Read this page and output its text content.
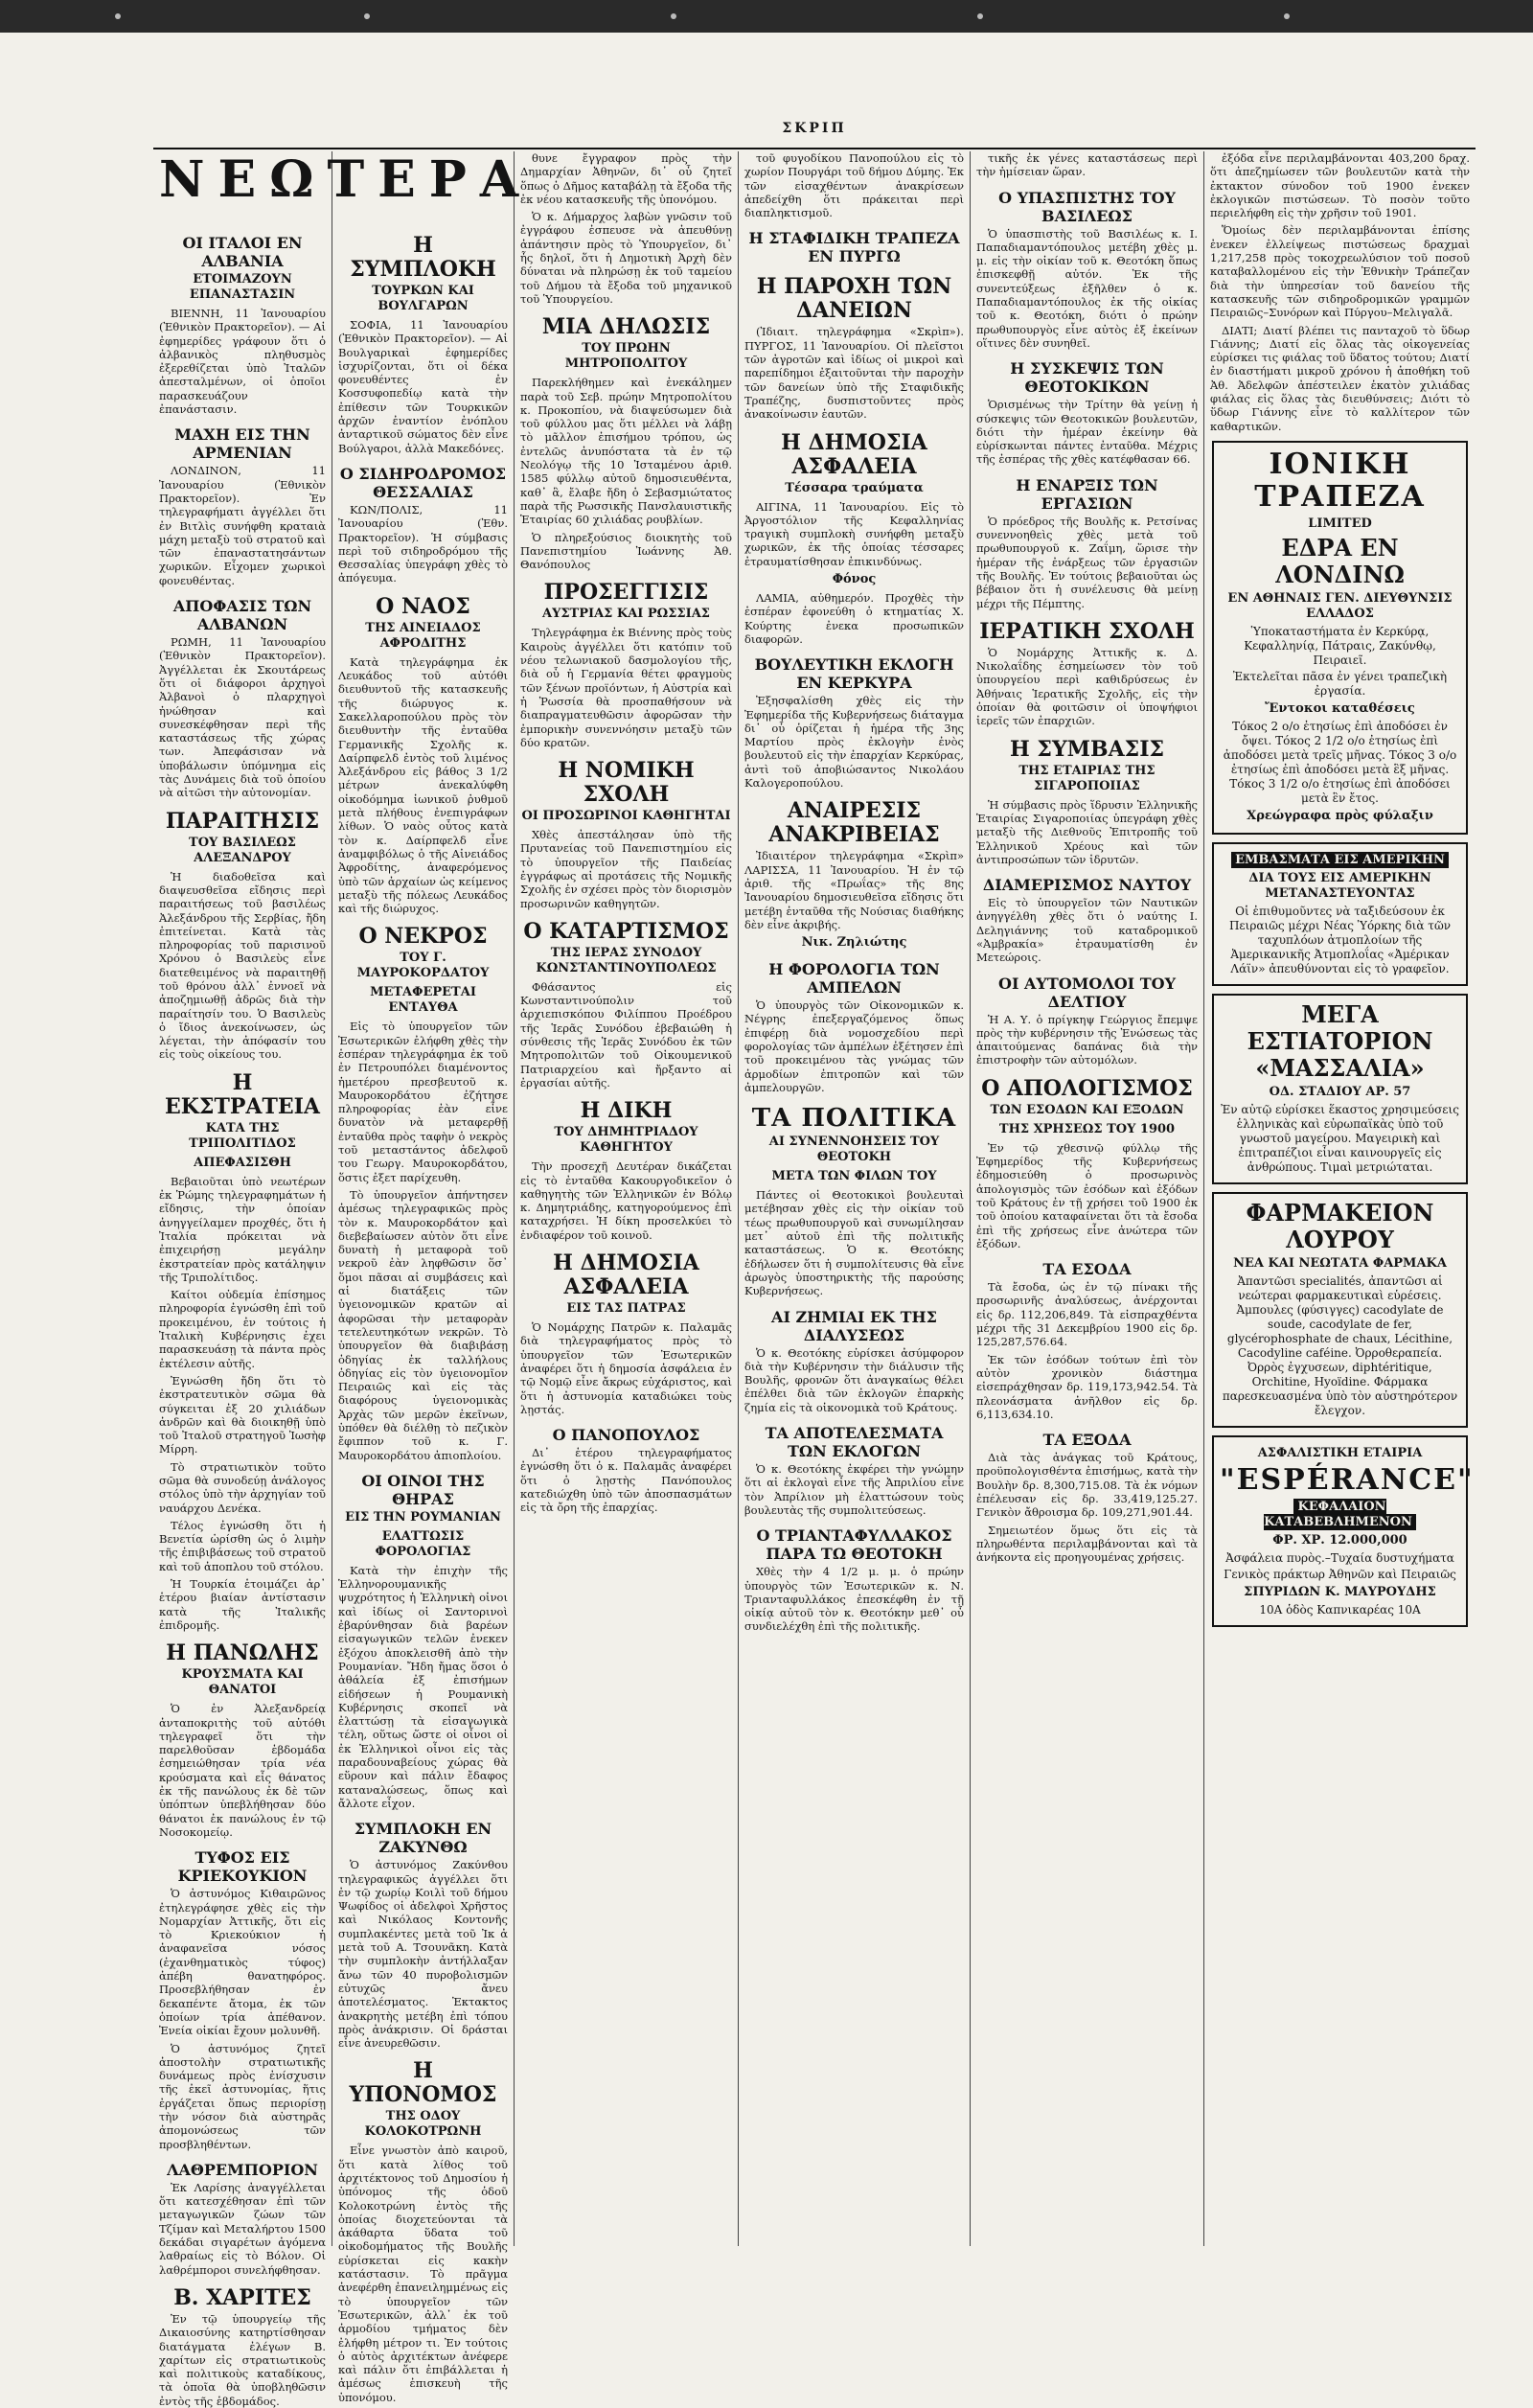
ΣΚΡΙΠ
ΝΕΩΤΕΡΑ
ΟΙ ΙΤΑΛΟΙ ΕΝ ΑΛΒΑΝΙΑ
ΕΤΟΙΜΑΖΟΥΝ ΕΠΑΝΑΣΤΑΣΙΝ

ΒΙΕΝΝΗ, 11 Ἰανουαρίου (Ἐθνικὸν Πρακτορεῖον). — Αἱ ἐφημερίδες γράφουν ὅτι ὁ ἀλβανικὸς πληθυσμὸς ἐξερεθίζεται ὑπὸ Ἰταλῶν ἀπεσταλμένων, οἱ ὁποῖοι παρασκευάζουν ἐπανάστασιν.

ΜΑΧΗ ΕΙΣ ΤΗΝ ΑΡΜΕΝΙΑΝ

ΛΟΝΔΙΝΟΝ, 11 Ἰανουαρίου (Ἐθνικὸν Πρακτορεῖον). Ἐν τηλεγραφήματι ἀγγέλλει ὅτι ἐν Βιτλὶς συνήφθη κραταιὰ μάχη μεταξὺ τοῦ στρατοῦ καὶ τῶν ἐπαναστατησάντων χωρικῶν. Εἶχομεν χωρικοὶ φονευθέντας.

ΑΠΟΦΑΣΙΣ ΤΩΝ ΑΛΒΑΝΩΝ

ΡΩΜΗ, 11 Ἰανουαρίου (Ἐθνικὸν Πρακτορεῖον). Ἀγγέλλεται ἐκ Σκουτάρεως ὅτι οἱ διάφοροι ἀρχηγοὶ Ἀλβανοὶ ὁ πλαρχηγοὶ ἠνώθησαν καὶ συνεσκέφθησαν περὶ τῆς καταστάσεως τῆς χώρας των. Ἀπεφάσισαν νὰ ὑποβάλωσιν ὑπόμνημα εἰς τὰς Δυνάμεις διὰ τοῦ ὁποίου νὰ αἰτῶσι τὴν αὐτονομίαν.

ΠΑΡΑΙΤΗΣΙΣ
ΤΟΥ ΒΑΣΙΛΕΩΣ ΑΛΕΞΑΝΔΡΟΥ

Ἡ διαδοθεῖσα καὶ διαψευσθεῖσα εἴδησις περὶ παραιτήσεως τοῦ βασιλέως Ἀλεξάνδρου τῆς Σερβίας, ἤδη ἐπιτείνεται. Κατὰ τὰς πληροφορίας τοῦ παρισινοῦ Χρόνου ὁ Βασιλεὺς εἶνε διατεθειμένος νὰ παραιτηθῇ τοῦ θρόνου ἀλλ᾽ ἐννοεῖ νὰ ἀποζημιωθῇ ἀδρῶς διὰ τὴν παραίτησίν του. Ὁ Βασιλεὺς ὁ ἴδιος ἀνεκοίνωσεν, ὡς λέγεται, τὴν ἀπόφασίν του εἰς τοὺς οἰκείους του.

Η ΕΚΣΤΡΑΤΕΙΑ
ΚΑΤΑ ΤΗΣ ΤΡΙΠΟΛΙΤΙΔΟΣ
ΑΠΕΦΑΣΙΣΘΗ

Βεβαιοῦται ὑπὸ νεωτέρων ἐκ Ῥώμης τηλεγραφημάτων ἡ εἴδησις, τὴν ὁποίαν ἀνηγγείλαμεν προχθές, ὅτι ἡ Ἰταλία πρόκειται νὰ ἐπιχειρήσῃ μεγάλην ἐκστρατείαν πρὸς κατάληψιν τῆς Τριπολίτιδος.

Καίτοι οὐδεμία ἐπίσημος πληροφορία ἐγνώσθη ἐπὶ τοῦ προκειμένου, ἐν τούτοις ἡ Ἰταλικὴ Κυβέρνησις ἐχει παρασκευάσῃ τὰ πάντα πρὸς ἐκτέλεσιν αὐτῆς.

Ἐγνώσθη ἤδη ὅτι τὸ ἐκστρατευτικὸν σῶμα θὰ σύγκειται ἐξ 20 χιλιάδων ἀνδρῶν καὶ θὰ διοικηθῇ ὑπὸ τοῦ Ἰταλοῦ στρατηγοῦ Ἰωσὴφ Μίρρη.

Τὸ στρατιωτικὸν τοῦτο σῶμα θὰ συνοδεύῃ ἀνάλογος στόλος ὑπὸ τὴν ἀρχηγίαν τοῦ ναυάρχου Δενέκα.

Τέλος ἐγνώσθη ὅτι ἡ Βενετία ὡρίσθη ὡς ὁ λιμὴν τῆς ἐπιβιβάσεως τοῦ στρατοῦ καὶ τοῦ ἀποπλου τοῦ στόλου.

Ἡ Τουρκία ἑτοιμάζει ἀρ᾽ ἑτέρου βιαίαν ἀντίστασιν κατὰ τῆς Ἰταλικῆς ἐπιδρομῆς.

Η ΠΑΝΩΛΗΣ
ΚΡΟΥΣΜΑΤΑ ΚΑΙ ΘΑΝΑΤΟΙ

Ὁ ἐν Ἀλεξανδρείᾳ ἀνταποκριτὴς τοῦ αὐτόθι τηλεγραφεῖ ὅτι τὴν παρελθοῦσαν ἑβδομάδα ἐσημειώθησαν τρία νέα κρούσματα καὶ εἷς θάνατος ἐκ τῆς πανώλους ἐκ δὲ τῶν ὑπόπτων ὑπεβλήθησαν δύο θάνατοι ἐκ πανώλους ἐν τῷ Νοσοκομείῳ.

ΤΥΦΟΣ ΕΙΣ ΚΡΙΕΚΟΥΚΙΟΝ

Ὁ ἀστυνόμος Κιθαιρῶνος ἐτηλεγράφησε χθὲς εἰς τὴν Νομαρχίαν Ἀττικῆς, ὅτι εἰς τὸ Κριεκούκιον ἡ ἀναφανεῖσα νόσος (ἐχανθηματικὸς τύφος) ἀπέβη θανατηφόρος. Προσεβλήθησαν ἐν δεκαπέντε ἄτομα, ἐκ τῶν ὁποίων τρία ἀπέθανον. Ἐνεία οἰκίαι ἔχουν μολυνθῆ.

Ὁ ἀστυνόμος ζητεῖ ἀποστολὴν στρατιωτικῆς δυνάμεως πρὸς ἐνίσχυσιν τῆς ἐκεῖ ἀστυνομίας, ἥτις ἐργάζεται ὅπως περιορίσῃ τὴν νόσον διὰ αὐστηρᾶς ἀπομονώσεως τῶν προσβληθέντων.

ΛΑΘΡΕΜΠΟΡΙΟΝ

Ἐκ Λαρίσης ἀναγγέλλεται ὅτι κατεσχέθησαν ἐπὶ τῶν μεταγωγικῶν ζώων τῶν Τζίμαν καὶ Μεταλήρτου 1500 δεκάδαι σιγαρέτων ἀγόμενα λαθραίως εἰς τὸ Βόλον. Οἱ λαθρέμποροι συνελήφθησαν.

Β. ΧΑΡΙΤΕΣ

Ἐν τῷ ὑπουργείῳ τῆς Δικαιοσύνης κατηρτίσθησαν διατάγματα ἐλέγων Β. χαρίτων εἰς στρατιωτικοὺς καὶ πολιτικοὺς καταδίκους, τὰ ὁποῖα θὰ ὑποβληθῶσιν ἐντὸς τῆς ἑβδομάδος.

Η ΣΥΜΠΛΟΚΗ
ΤΟΥΡΚΩΝ ΚΑΙ ΒΟΥΛΓΑΡΩΝ

ΣΟΦΙΑ, 11 Ἰανουαρίου (Ἐθνικὸν Πρακτορεῖον). — Αἱ Βουλγαρικαὶ ἐφημερίδες ἰσχυρίζονται, ὅτι οἱ δέκα φονευθέντες ἐν Κοσσυφοπεδίῳ κατὰ τὴν ἐπίθεσιν τῶν Τουρκικῶν ἀρχῶν ἐναντίον ἐνόπλου ἀνταρτικοῦ σώματος δὲν εἶνε Βούλγαροι, ἀλλὰ Μακεδόνες.

Ο ΣΙΔΗΡΟΔΡΟΜΟΣ ΘΕΣΣΑΛΙΑΣ

ΚΩΝ/ΠΟΛΙΣ, 11 Ἰανουαρίου (Ἐθν. Πρακτορεῖον). Ἡ σύμβασις περὶ τοῦ σιδηροδρόμου τῆς Θεσσαλίας ὑπεγράφη χθὲς τὸ ἀπόγευμα.

Ο ΝΑΟΣ
ΤΗΣ ΑΙΝΕΙΑΔΟΣ ΑΦΡΟΔΙΤΗΣ

Κατὰ τηλεγράφημα ἐκ Λευκάδος τοῦ αὐτόθι διευθυντοῦ τῆς κατασκευῆς τῆς διώρυγος κ. Σακελλαροπούλου πρὸς τὸν διευθυντὴν τῆς ἐνταῦθα Γερμανικῆς Σχολῆς κ. Δαίρπφελδ ἐντὸς τοῦ λιμένος Ἀλεξάνδρου εἰς βάθος 3 1/2 μέτρων ἀνεκαλύφθη οἰκοδόμημα ἰωνικοῦ ῥυθμοῦ μετὰ πλήθους ἐνεπιγράφων λίθων. Ὁ ναὸς οὗτος κατὰ τὸν κ. Δαίρπφελδ εἶνε ἀναμφιβόλως ὁ τῆς Αἰνειάδος Ἀφροδίτης, ἀναφερόμενος ὑπὸ τῶν ἀρχαίων ὡς κείμενος μεταξὺ τῆς πόλεως Λευκάδος καὶ τῆς διώρυχος.

Ο ΝΕΚΡΟΣ
ΤΟΥ Γ. ΜΑΥΡΟΚΟΡΔΑΤΟΥ
ΜΕΤΑΦΕΡΕΤΑΙ ΕΝΤΑΥΘΑ

Εἰς τὸ ὑπουργεῖον τῶν Ἐσωτερικῶν ἐλήφθη χθὲς τὴν ἑσπέραν τηλεγράφημα ἐκ τοῦ ἐν Πετρουπόλει διαμένοντος ἡμετέρου πρεσβευτοῦ κ. Μαυροκορδάτου ἐζήτησε πληροφορίας ἐὰν εἶνε δυνατὸν νὰ μεταφερθῇ ἐνταῦθα πρὸς ταφὴν ὁ νεκρὸς τοῦ μεταστάντος ἀδελφοῦ του Γεωργ. Μαυροκορδάτου, ὅστις ἐξετ παρίχευθη.

Τὸ ὑπουργεῖον ἀπήντησεν ἀμέσως τηλεγραφικῶς πρὸς τὸν κ. Μαυροκορδάτον καὶ διεβεβαίωσεν αὐτὸν ὅτι εἶνε δυνατὴ ἡ μεταφορὰ τοῦ νεκροῦ ἐὰν ληφθῶσιν ὅσ᾽ ὅμοι πᾶσαι αἱ συμβάσεις καὶ αἱ διατάξεις τῶν ὑγειονομικῶν κρατῶν αἱ ἀφορῶσαι τὴν μεταφορὰν τετελευτηκότων νεκρῶν. Τὸ ὑπουργεῖον θὰ διαβιβάσῃ ὁδηγίας ἐκ ταλλήλους ὁδηγίας εἰς τὸν ὑγειονομῖον Πειραιῶς καὶ εἰς τὰς διαφόρους ὑγειονομικὰς Ἀρχὰς τῶν μερῶν ἐκεῖνων, ὑπόθεν θὰ διέλθῃ τὸ πεζικὸν ἔφιππον τοῦ κ. Γ. Μαυροκορδάτου ἀπιοπλοίου.

ΟΙ ΟΙΝΟΙ ΤΗΣ ΘΗΡΑΣ
ΕΙΣ ΤΗΝ ΡΟΥΜΑΝΙΑΝ
ΕΛΑΤΤΩΣΙΣ ΦΟΡΟΛΟΓΙΑΣ

Κατὰ τὴν ἐπιχὴν τῆς Ἑλληνορουμανικῆς ψυχρότητος ἡ Ἑλληνικὴ οἰνοι καὶ ἰδίως οἱ Σαντορινοὶ ἐβαρύνθησαν διὰ βαρέων εἰσαγωγικῶν τελῶν ἐνεκεν ἐξόχου ἀποκλεισθῆ ἀπὸ τὴν Ρουμανίαν. Ἤδη ἤμας ὅσοι ὁ ἀθάλεία ἐξ ἐπισήμων εἰδήσεων ἡ Ρουμανικὴ Κυβέρνησις σκοπεῖ νὰ ἐλαττώσῃ τὰ εἰσαγωγικὰ τέλη, οὕτως ὥστε οἱ οἶνοι οἱ ἐκ Ἑλληνικοὶ οἶνοι εἰς τὰς παραδουναβείους χώρας θὰ εὕρουν καὶ πάλιν ἔδαφος καταναλώσεως, ὅπως καὶ ἄλλοτε εἶχον.

ΣΥΜΠΛΟΚΗ ΕΝ ΖΑΚΥΝΘΩ

Ὁ ἀστυνόμος Ζακύνθου τηλεγραφικῶς ἀγγέλλει ὅτι ἐν τῷ χωρίῳ Κοιλὶ τοῦ δήμου Ψωφίδος οἱ ἀδελφοὶ Χρῆστος καὶ Νικόλαος Κοντονῆς συμπλακέντες μετὰ τοῦ Ἰκ ἀ μετὰ τοῦ Α. Τσουνᾶκη. Κατὰ τὴν συμπλοκὴν ἀντήλλαξαν ἄνω τῶν 40 πυροβολισμῶν εὐτυχῶς ἄνευ ἀποτελέσματος. Ἐκτακτος ἀνακρητὴς μετέβη ἐπὶ τόπου πρὸς ἀνάκρισιν. Οἱ δράσται εἶνε ἀνευρεθῶσιν.

Η ΥΠΟΝΟΜΟΣ
ΤΗΣ ΟΔΟΥ ΚΟΛΟΚΟΤΡΩΝΗ

Εἶνε γνωστὸν ἀπὸ καιροῦ, ὅτι κατὰ λίθος τοῦ ἀρχιτέκτονος τοῦ Δημοσίου ἡ ὑπόνομος τῆς ὁδοῦ Κολοκοτρώνη ἐντὸς τῆς ὁποίας διοχετεύονται τὰ ἀκάθαρτα ὕδατα τοῦ οἰκοδομήματος τῆς Βουλῆς εὑρίσκεται εἰς κακὴν κατάστασιν. Τὸ πρᾶγμα ἀνεφέρθη ἐπανειλημμένως εἰς τὸ ὑπουργεῖον τῶν Ἐσωτερικῶν, ἀλλ᾽ ἐκ τοῦ ἀρμοδίου τμήματος δὲν ἐλήφθη μέτρον τι. Ἐν τούτοις ὁ αὐτὸς ἀρχιτέκτων ἀνέφερε καὶ πάλιν ὅτι ἐπιβάλλεται ἡ ἀμέσως ἐπισκευὴ τῆς ὑπονόμου.

θυνε ἔγγραφον πρὸς τὴν Δημαρχίαν Ἀθηνῶν, δι᾽ οὗ ζητεῖ ὅπως ὁ Δῆμος καταβάλῃ τὰ ἔξοδα τῆς ἐκ νέου κατασκευῆς τῆς ὑπονόμου.

Ὁ κ. Δήμαρχος λαβὼν γνῶσιν τοῦ ἐγγράφου ἐσπευσε νὰ ἀπευθύνῃ ἀπάντησιν πρὸς τὸ Ὑπουργεῖον, δι᾽ ἧς δηλοῖ, ὅτι ἡ Δημοτικὴ Ἀρχὴ δὲν δύναται νὰ πληρώσῃ ἐκ τοῦ ταμείου τοῦ Δήμου τὰ ἔξοδα τοῦ μηχανικοῦ τοῦ Ὑπουργείου.

ΜΙΑ ΔΗΛΩΣΙΣ
ΤΟΥ ΠΡΩΗΝ ΜΗΤΡΟΠΟΛΙΤΟΥ

Παρεκλήθημεν καὶ ἐνεκάλημεν παρὰ τοῦ Σεβ. πρώην Μητροπολίτου κ. Προκοπίου, νὰ διαψεύσωμεν διὰ τοῦ φύλλου μας ὅτι μέλλει νὰ λάβῃ τὸ μᾶλλον ἐπισήμου τρόπου, ὡς ἐντελῶς ἀνυπόστατα τὰ ἐν τῷ Νεολόγῳ τῆς 10 Ἰσταμένου ἀριθ. 1585 φύλλῳ αὐτοῦ δημοσιευθέντα, καθ᾽ ἃ, ἔλαβε ἤδη ὁ Σεβασμιώτατος παρὰ τῆς Ρωσσικῆς Πανσλαυιστικῆς Ἑταιρίας 60 χιλιάδας ρουβλίων.

Ὁ πληρεξούσιος διοικητὴς τοῦ Πανεπιστημίου Ἰωάννης Ἀθ. Θανόπουλος

ΠΡΟΣΕΓΓΙΣΙΣ
ΑΥΣΤΡΙΑΣ ΚΑΙ ΡΩΣΣΙΑΣ

Τηλεγράφημα ἐκ Βιέννης πρὸς τοὺς Καιροὺς ἀγγέλλει ὅτι κατόπιν τοῦ νέου τελωνιακοῦ δασμολογίου τῆς, διὰ οὗ ἡ Γερμανία θέτει φραγμοὺς τῶν ξένων προϊόντων, ἡ Αὐστρία καὶ ἡ Ῥωσσία θὰ προσπαθήσουν νὰ διαπραγματευθῶσιν ἀφορῶσαν τὴν ἐμπορικὴν συνεννόησιν μεταξὺ τῶν δύο κρατῶν.

Η ΝΟΜΙΚΗ ΣΧΟΛΗ
ΟΙ ΠΡΟΣΩΡΙΝΟΙ ΚΑΘΗΓΗΤΑΙ

Χθὲς ἀπεστάλησαν ὑπὸ τῆς Πρυτανείας τοῦ Πανεπιστημίου εἰς τὸ ὑπουργεῖον τῆς Παιδείας ἐγγράφως αἱ προτάσεις τῆς Νομικῆς Σχολῆς ἐν σχέσει πρὸς τὸν διορισμὸν προσωρινῶν καθηγητῶν.

Ο ΚΑΤΑΡΤΙΣΜΟΣ
ΤΗΣ ΙΕΡΑΣ ΣΥΝΟΔΟΥ ΚΩΝΣΤΑΝΤΙΝΟΥΠΟΛΕΩΣ

Φθάσαντος εἰς Κωνσταντινούπολιν τοῦ ἀρχιεπισκόπου Φιλίππου Προέδρου τῆς Ἱερᾶς Συνόδου ἐβεβαιώθη ἡ σύνθεσις τῆς Ἱερᾶς Συνόδου ἐκ τῶν Μητροπολιτῶν τοῦ Οἰκουμενικοῦ Πατριαρχείου καὶ ἤρξαντο αἱ ἐργασίαι αὐτῆς.

Η ΔΙΚΗ
ΤΟΥ ΔΗΜΗΤΡΙΑΔΟΥ ΚΑΘΗΓΗΤΟΥ

Τὴν προσεχῆ Δευτέραν δικάζεται εἰς τὸ ἐνταῦθα Κακουργοδικεῖον ὁ καθηγητὴς τῶν Ἑλληνικῶν ἐν Βόλῳ κ. Δημητριάδης, κατηγορούμενος ἐπὶ καταχρήσει. Ἡ δίκη προσελκύει τὸ ἐνδιαφέρον τοῦ κοινοῦ.

Η ΔΗΜΟΣΙΑ ΑΣΦΑΛΕΙΑ
ΕΙΣ ΤΑΣ ΠΑΤΡΑΣ

Ὁ Νομάρχης Πατρῶν κ. Παλαμᾶς διὰ τηλεγραφήματος πρὸς τὸ ὑπουργεῖον τῶν Ἐσωτερικῶν ἀναφέρει ὅτι ἡ δημοσία ἀσφάλεια ἐν τῷ Νομῷ εἶνε ἄκρως εὐχάριστος, καὶ ὅτι ἡ ἀστυνομία καταδιώκει τοὺς λῃστάς.

Ο ΠΑΝΟΠΟΥΛΟΣ

Δι᾽ ἑτέρου τηλεγραφήματος ἐγνώσθη ὅτι ὁ κ. Παλαμᾶς ἀναφέρει ὅτι ὁ λῃστὴς Πανόπουλος κατεδιώχθη ὑπὸ τῶν ἀποσπασμάτων εἰς τὰ ὄρη τῆς ἐπαρχίας.

τοῦ φυγοδίκου Πανοπούλου εἰς τὸ χωρίον Πουργάρι τοῦ δήμου Δύμης. Ἐκ τῶν εἰσαχθέντων ἀνακρίσεων ἀπεδείχθη ὅτι πράκειται περὶ διαπληκτισμοῦ.

Η ΣΤΑΦΙΔΙΚΗ ΤΡΑΠΕΖΑ ΕΝ ΠΥΡΓΩ
Η ΠΑΡΟΧΗ ΤΩΝ ΔΑΝΕΙΩΝ

(Ἰδιαιτ. τηλεγράφημα «Σκρὶπ»). ΠΥΡΓΟΣ, 11 Ἰανουαρίου. Οἱ πλεῖστοι τῶν ἀγροτῶν καὶ ἰδίως οἱ μικροὶ καὶ παρεπίδημοι ἐξαιτοῦνται τὴν παροχὴν τῶν δανείων ὑπὸ τῆς Σταφιδικῆς Τραπέζης, δυσπιστοῦντες πρὸς ἀνακοίνωσιν ἑαυτῶν.

Η ΔΗΜΟΣΙΑ ΑΣΦΑΛΕΙΑ
Τέσσαρα τραύματα

ΑΙΓΙΝΑ, 11 Ἰανουαρίου. Εἰς τὸ Ἀργοστόλιον τῆς Κεφαλληνίας τραγικὴ συμπλοκὴ συνήφθη μεταξὺ χωρικῶν, ἐκ τῆς ὁποίας τέσσαρες ἐτραυματίσθησαν ἐπικινδύνως.

Φόνος

ΛΑΜΙΑ, αὐθημερόν. Προχθὲς τὴν ἑσπέραν ἐφονεύθη ὁ κτηματίας Χ. Κούρτης ἐνεκα προσωπικῶν διαφορῶν.

ΒΟΥΛΕΥΤΙΚΗ ΕΚΛΟΓΗ ΕΝ ΚΕΡΚΥΡΑ

Ἐξησφαλίσθη χθὲς εἰς τὴν Ἐφημερίδα τῆς Κυβερνήσεως διάταγμα δι᾽ οὗ ὁρίζεται ἡ ἡμέρα τῆς 3ης Μαρτίου πρὸς ἐκλογὴν ἐνὸς βουλευτοῦ εἰς τὴν ἐπαρχίαν Κερκύρας, ἀντὶ τοῦ ἀποβιώσαντος Νικολάου Καλογεροπούλου.

ΑΝΑΙΡΕΣΙΣ ΑΝΑΚΡΙΒΕΙΑΣ

Ἰδιαιτέρον τηλεγράφημα «Σκρὶπ» ΛΑΡΙΣΣΑ, 11 Ἰανουαρίου. Ἡ ἐν τῷ ἀριθ. τῆς «Πρωΐας» τῆς 8ης Ἰανουαρίου δημοσιευθεῖσα εἴδησις ὅτι μετέβη ἐνταῦθα τῆς Νούσιας διαθήκης δὲν εἶνε ἀκριβής.

Νικ. Ζηλιώτης
Η ΦΟΡΟΛΟΓΙΑ ΤΩΝ ΑΜΠΕΛΩΝ

Ὁ ὑπουργὸς τῶν Οἰκονομικῶν κ. Νέγρης ἐπεξεργαζόμενος ὅπως ἐπιφέρῃ διὰ νομοσχεδίου περὶ φορολογίας τῶν ἀμπέλων ἐξέτησεν ἐπὶ τοῦ προκειμένου τὰς γνώμας τῶν ἀρμοδίων ἐπιτροπῶν καὶ τῶν ἀμπελουργῶν.

ΤΑ ΠΟΛΙΤΙΚΑ
ΑΙ ΣΥΝΕΝΝΟΗΣΕΙΣ ΤΟΥ ΘΕΟΤΟΚΗ
ΜΕΤΑ ΤΩΝ ΦΙΛΩΝ ΤΟΥ

Πάντες οἱ Θεοτοκικοὶ βουλευταὶ μετέβησαν χθὲς εἰς τὴν οἰκίαν τοῦ τέως πρωθυπουργοῦ καὶ συνωμίλησαν μετ᾽ αὐτοῦ ἐπὶ τῆς πολιτικῆς καταστάσεως. Ὁ κ. Θεοτόκης ἐδήλωσεν ὅτι ἡ συμπολίτευσις θὰ εἶνε ἀρωγὸς ὑποστηρικτὴς τῆς παρούσης Κυβερνήσεως.

ΑΙ ΖΗΜΙΑΙ ΕΚ ΤΗΣ ΔΙΑΛΥΣΕΩΣ

Ὁ κ. Θεοτόκης εὑρίσκει ἀσύμφορον διὰ τὴν Κυβέρνησιν τὴν διάλυσιν τῆς Βουλῆς, φρονῶν ὅτι ἀναγκαίως θέλει ἐπέλθει διὰ τῶν ἐκλογῶν ἐπαρκὴς ζημία εἰς τὰ οἰκονομικὰ τοῦ Κράτους.

ΤΑ ΑΠΟΤΕΛΕΣΜΑΤΑ ΤΩΝ ΕΚΛΟΓΩΝ

Ὁ κ. Θεοτόκης ἐκφέρει τὴν γνώμην ὅτι αἱ ἐκλογαὶ εἶνε τῆς Ἀπριλίου εἶνε τὸν Ἀπρίλιον μὴ ἐλαττώσουν τοὺς βουλευτὰς τῆς συμπολιτεύσεως.

Ο ΤΡΙΑΝΤΑΦΥΛΛΑΚΟΣ ΠΑΡΑ ΤΩ ΘΕΟΤΟΚΗ

Χθὲς τὴν 4 1/2 μ. μ. ὁ πρώην ὑπουργὸς τῶν Ἐσωτερικῶν κ. Ν. Τριανταφυλλάκος ἐπεσκέφθη ἐν τῇ οἰκίᾳ αὐτοῦ τὸν κ. Θεοτόκην μεθ᾽ οὗ συνδιελέχθη ἐπὶ τῆς πολιτικῆς.

τικῆς ἐκ γένες καταστάσεως περὶ τὴν ἡμίσειαν ὥραν.

Ο ΥΠΑΣΠΙΣΤΗΣ ΤΟΥ ΒΑΣΙΛΕΩΣ

Ὁ ὑπασπιστὴς τοῦ Βασιλέως κ. Ι. Παπαδιαμαντόπουλος μετέβη χθὲς μ. μ. εἰς τὴν οἰκίαν τοῦ κ. Θεοτόκη ὅπως ἐπισκεφθῇ αὐτόν. Ἐκ τῆς συνεντεύξεως ἐξῆλθεν ὁ κ. Παπαδιαμαντόπουλος ἐκ τῆς οἰκίας τοῦ κ. Θεοτόκη, διότι ὁ πρώην πρωθυπουργὸς εἶνε αὐτὸς ἐξ ἐκείνων οἵτινες δὲν συνηθεῖ.

Η ΣΥΣΚΕΨΙΣ ΤΩΝ ΘΕΟΤΟΚΙΚΩΝ

Ὁρισμένως τὴν Τρίτην θὰ γείνῃ ἡ σύσκεψις τῶν Θεοτοκικῶν βουλευτῶν, διότι τὴν ἡμέραν ἐκείνην θὰ εὑρίσκωνται πάντες ἐνταῦθα. Μέχρις τῆς ἐσπέρας τῆς χθὲς κατέφθασαν 66.

Η ΕΝΑΡΞΙΣ ΤΩΝ ΕΡΓΑΣΙΩΝ

Ὁ πρόεδρος τῆς Βουλῆς κ. Ρετσίνας συνεννοηθεὶς χθὲς μετὰ τοῦ πρωθυπουργοῦ κ. Ζαΐμη, ὥρισε τὴν ἡμέραν τῆς ἐνάρξεως τῶν ἐργασιῶν τῆς Βουλῆς. Ἐν τούτοις βεβαιοῦται ὡς βέβαιον ὅτι ἡ συνέλευσις θὰ μείνῃ μέχρι τῆς Πέμπτης.

ΙΕΡΑΤΙΚΗ ΣΧΟΛΗ

Ὁ Νομάρχης Ἀττικῆς κ. Δ. Νικολαΐδης ἐσημείωσεν τὸν τοῦ ὑπουργείου περὶ καθιδρύσεως ἐν Ἀθήναις Ἱερατικῆς Σχολῆς, εἰς τὴν ὁποίαν θὰ φοιτῶσιν οἱ ὑποψήφιοι ἱερεῖς τῶν ἐπαρχιῶν.

Η ΣΥΜΒΑΣΙΣ
ΤΗΣ ΕΤΑΙΡΙΑΣ ΤΗΣ ΣΙΓΑΡΟΠΟΙΙΑΣ

Ἡ σύμβασις πρὸς ἵδρυσιν Ἑλληνικῆς Ἑταιρίας Σιγαροποιίας ὑπεγράφη χθὲς μεταξὺ τῆς Διεθνοῦς Ἐπιτροπῆς τοῦ Ἑλληνικοῦ Χρέους καὶ τῶν ἀντιπροσώπων τῶν ἱδρυτῶν.

ΔΙΑΜΕΡΙΣΜΟΣ ΝΑΥΤΟΥ

Εἰς τὸ ὑπουργεῖον τῶν Ναυτικῶν ἀνηγγέλθη χθὲς ὅτι ὁ ναύτης Ι. Δεληγιάννης τοῦ καταδρομικοῦ «Ἀμβρακία» ἐτραυματίσθη ἐν Μετεώροις.

ΟΙ ΑΥΤΟΜΟΛΟΙ ΤΟΥ ΔΕΛΤΙΟΥ

Ἡ Α. Υ. ὁ πρίγκηψ Γεώργιος ἔπεμψε πρὸς τὴν κυβέρνησιν τῆς Ἑνώσεως τὰς ἀπαιτούμενας δαπάνας διὰ τὴν ἐπιστροφὴν τῶν αὐτομόλων.

Ο ΑΠΟΛΟΓΙΣΜΟΣ
ΤΩΝ ΕΣΟΔΩΝ ΚΑΙ ΕΞΟΔΩΝ
ΤΗΣ ΧΡΗΣΕΩΣ ΤΟΥ 1900

Ἐν τῷ χθεσινῷ φύλλῳ τῆς Ἐφημερίδος τῆς Κυβερνήσεως ἐδημοσιεύθη ὁ προσωρινὸς ἀπολογισμὸς τῶν ἐσόδων καὶ ἐξόδων τοῦ Κράτους ἐν τῇ χρήσει τοῦ 1900 ἐκ τοῦ ὁποίου καταφαίνεται ὅτι τὰ ἔσοδα ἐπὶ τῆς χρήσεως εἶνε ἀνώτερα τῶν ἐξόδων.

ΤΑ ΕΣΟΔΑ

Τὰ ἔσοδα, ὡς ἐν τῷ πίνακι τῆς προσωρινῆς ἀναλύσεως, ἀνέρχονται εἰς δρ. 112,206,849. Τὰ εἰσπραχθέντα μέχρι τῆς 31 Δεκεμβρίου 1900 εἰς δρ. 125,287,576.64.

Ἐκ τῶν ἐσόδων τούτων ἐπὶ τὸν αὐτὸν χρονικὸν διάστημα εἰσεπράχθησαν δρ. 119,173,942.54. Τὰ πλεονάσματα ἀνῆλθον εἰς δρ. 6,113,634.10.

ΤΑ ΕΞΟΔΑ

Διὰ τὰς ἀνάγκας τοῦ Κράτους, προϋπολογισθέντα ἐπισήμως, κατὰ τὴν Βουλὴν δρ. 8,300,715.08. Τὰ ἐκ νόμων ἐπέλευσαν εἰς δρ. 33,419,125.27. Γενικὸν ἄθροισμα δρ. 109,271,901.44.

Σημειωτέον ὅμως ὅτι εἰς τὰ πληρωθέντα περιλαμβάνονται καὶ τὰ ἀνήκοντα εἰς προηγουμένας χρήσεις.

ἐξόδα εἶνε περιλαμβάνονται 403,200 δραχ. ὅτι ἀπεζημίωσεν τῶν βουλευτῶν κατὰ τὴν ἐκτακτον σύνοδον τοῦ 1900 ἐνεκεν ἐκλογικῶν πιστώσεων. Τὸ ποσὸν τοῦτο περιελήφθη εἰς τὴν χρῆσιν τοῦ 1901.

Ὅμοίως δὲν περιλαμβάνονται ἐπίσης ἐνεκεν ἐλλείψεως πιστώσεως δραχμαὶ 1,217,258 πρὸς τοκοχρεωλύσιον τοῦ ποσοῦ καταβαλλομένου εἰς τὴν Ἐθνικὴν Τράπεζαν διὰ τὴν ὑπηρεσίαν τοῦ δανείου τῆς κατασκευῆς τῶν σιδηροδρομικῶν γραμμῶν Πειραιῶς–Συνόρων καὶ Πύργου–Μελιγαλᾶ.

ΔΙΑΤΙ; Διατί βλέπει τις πανταχοῦ τὸ ὕδωρ Γιάννης; Διατί εἰς ὅλας τὰς οἰκογενείας εὑρίσκει τις φιάλας τοῦ ὕδατος τούτου; Διατί ἐν διαστήματι μικροῦ χρόνου ἡ ἀποθήκη τοῦ Ἀθ. Ἀδελφῶν ἀπέστειλεν ἑκατὸν χιλιάδας φιάλας εἰς ὅλας τὰς διευθύνσεις; Διότι τὸ ὕδωρ Γιάννης εἶνε τὸ καλλίτερον τῶν καθαρτικῶν.

ΙΟΝΙΚΗ ΤΡΑΠΕΖΑ
LIMITED
ΕΔΡΑ ΕΝ ΛΟΝΔΙΝΩ
ΕΝ ΑΘΗΝΑΙΣ ΓΕΝ. ΔΙΕΥΘΥΝΣΙΣ ΕΛΛΑΔΟΣ
Ὑποκαταστήματα ἐν Κερκύρᾳ, Κεφαλληνίᾳ, Πάτραις, Ζακύνθῳ, Πειραιεῖ.
Ἐκτελεῖται πᾶσα ἐν γένει τραπεζικὴ ἐργασία.
Ἔντοκοι καταθέσεις
Τόκος 2 ο/ο ἐτησίως ἐπὶ ἀποδόσει ἐν ὄψει. Τόκος 2 1/2 ο/ο ἐτησίως ἐπὶ ἀποδόσει μετὰ τρεῖς μῆνας. Τόκος 3 ο/ο ἐτησίως ἐπὶ ἀποδόσει μετὰ ἓξ μῆνας. Τόκος 3 1/2 ο/ο ἐτησίως ἐπὶ ἀποδόσει μετὰ ἓν ἔτος.
Χρεώγραφα πρὸς φύλαξιν
ΕΜΒΑΣΜΑΤΑ ΕΙΣ ΑΜΕΡΙΚΗΝ
ΔΙΑ ΤΟΥΣ ΕΙΣ ΑΜΕΡΙΚΗΝ ΜΕΤΑΝΑΣΤΕΥΟΝΤΑΣ
Οἱ ἐπιθυμοῦντες νὰ ταξιδεύσουν ἐκ Πειραιῶς μέχρι Νέας Ὑόρκης διὰ τῶν ταχυπλόων ἀτμοπλοίων τῆς Ἀμερικανικῆς Ἀτμοπλοΐας «Ἀμέρικαν Λάϊν» ἀπευθύνονται εἰς τὸ γραφεῖον.
ΜΕΓΑ ΕΣΤΙΑΤΟΡΙΟΝ
«ΜΑΣΣΑΛΙΑ»
ΟΔ. ΣΤΑΔΙΟΥ ΑΡ. 57
Ἐν αὐτῷ εὑρίσκει ἕκαστος χρησιμεύσεις ἑλληνικὰς καὶ εὐρωπαϊκὰς ὑπὸ τοῦ γνωστοῦ μαγείρου. Μαγειρικὴ καὶ ἐπιτραπέζιοι εἶναι καινουργεῖς εἰς ἀνθρώπους. Τιμαὶ μετριώταται.
ΦΑΡΜΑΚΕΙΟΝ ΛΟΥΡΟΥ
ΝΕΑ ΚΑΙ ΝΕΩΤΑΤΑ ΦΑΡΜΑΚΑ
Ἀπαντῶσι specialités, ἀπαντῶσι αἱ νεώτεραι φαρμακευτικαὶ εὑρέσεις. Ἀμπουλες (φύσιγγες) cacodylate de soude, cacodylate de fer, glycérophosphate de chaux, Lécithine, Cacodyline caféine. Ὀρροθεραπεία. Ὀρρὸς ἐγχυσεων, diphtéritique, Orchitine, Hyoïdine. Φάρμακα παρεσκευασμένα ὑπὸ τὸν αὐστηρότερον ἔλεγχον.
ΑΣΦΑΛΙΣΤΙΚΗ ΕΤΑΙΡΙΑ
"ESPÉRANCE"
ΚΕΦΑΛΑΙΟΝ ΚΑΤΑΒΕΒΛΗΜΕΝΟΝ
ΦΡ. ΧΡ. 12.000,000
Ἀσφάλεια πυρὸς.–Τυχαία δυστυχήματα
Γενικὸς πράκτωρ Ἀθηνῶν καὶ Πειραιῶς
ΣΠΥΡΙΔΩΝ Κ. ΜΑΥΡΟΥΔΗΣ
10Α ὁδὸς Καπνικαρέας 10Α
